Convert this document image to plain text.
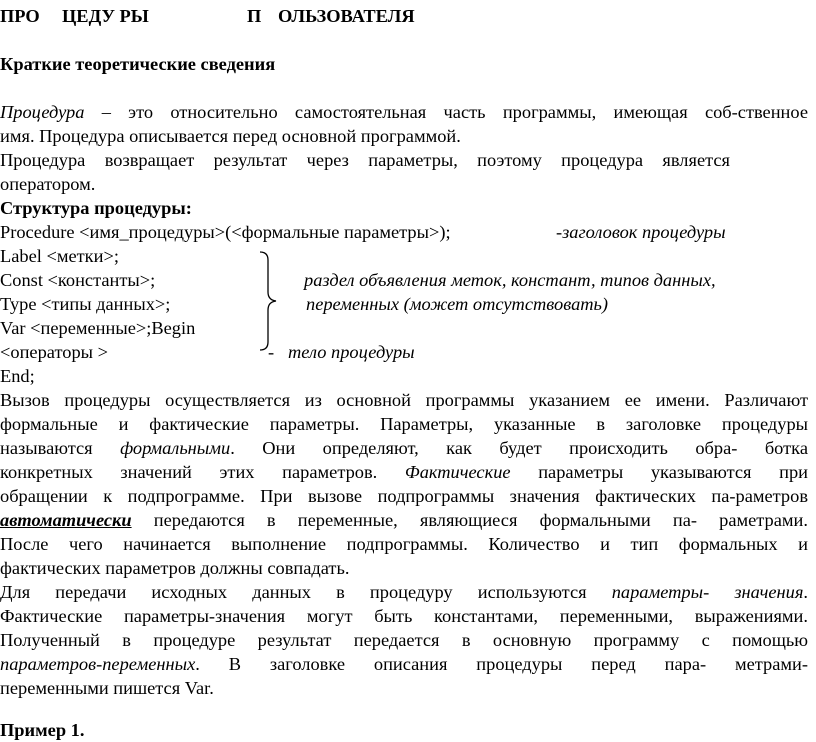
ПРО ЦЕДУ РЫ	П ОЛЬЗОВАТЕЛЯ
Краткие теоретические сведения
Процедура – это относительно самостоятельная часть программы, имеющая соб-ственное
имя. Процедура описывается перед основной программой.
Процедура возвращает результат через параметры, поэтому процедура является
оператором.
Структура процедуры:
Procedure <имя_процедуры>(<формальные параметры>);	-заголовок процедуры
Label <метки>;
Const <константы>;	раздел объявления меток, констант, типов данных,
Type <типы данных>;	переменных (может отсутствовать)
Var <переменные>;Begin
<операторы >	- тело процедуры
End;
Вызов процедуры осуществляется из основной программы указанием ее имени. Различают
формальные и фактические параметры. Параметры, указанные в заголовке процедуры
называются формальными. Они определяют, как будет происходить обра- ботка
конкретных значений этих параметров. Фактические параметры указываются при
обращении к подпрограмме. При вызове подпрограммы значения фактических па-раметров
автоматически передаются в переменные, являющиеся формальными па- раметрами.
После чего начинается выполнение подпрограммы. Количество и тип формальных и
фактических параметров должны совпадать.
Для передачи исходных данных в процедуру используются параметры- значения.
Фактические параметры-значения могут быть константами, переменными, выражениями.
Полученный в процедуре результат передается в основную программу с помощью
параметров-переменных. В заголовке описания процедуры перед пара- метрами-
переменными пишется Var.
Пример 1.
